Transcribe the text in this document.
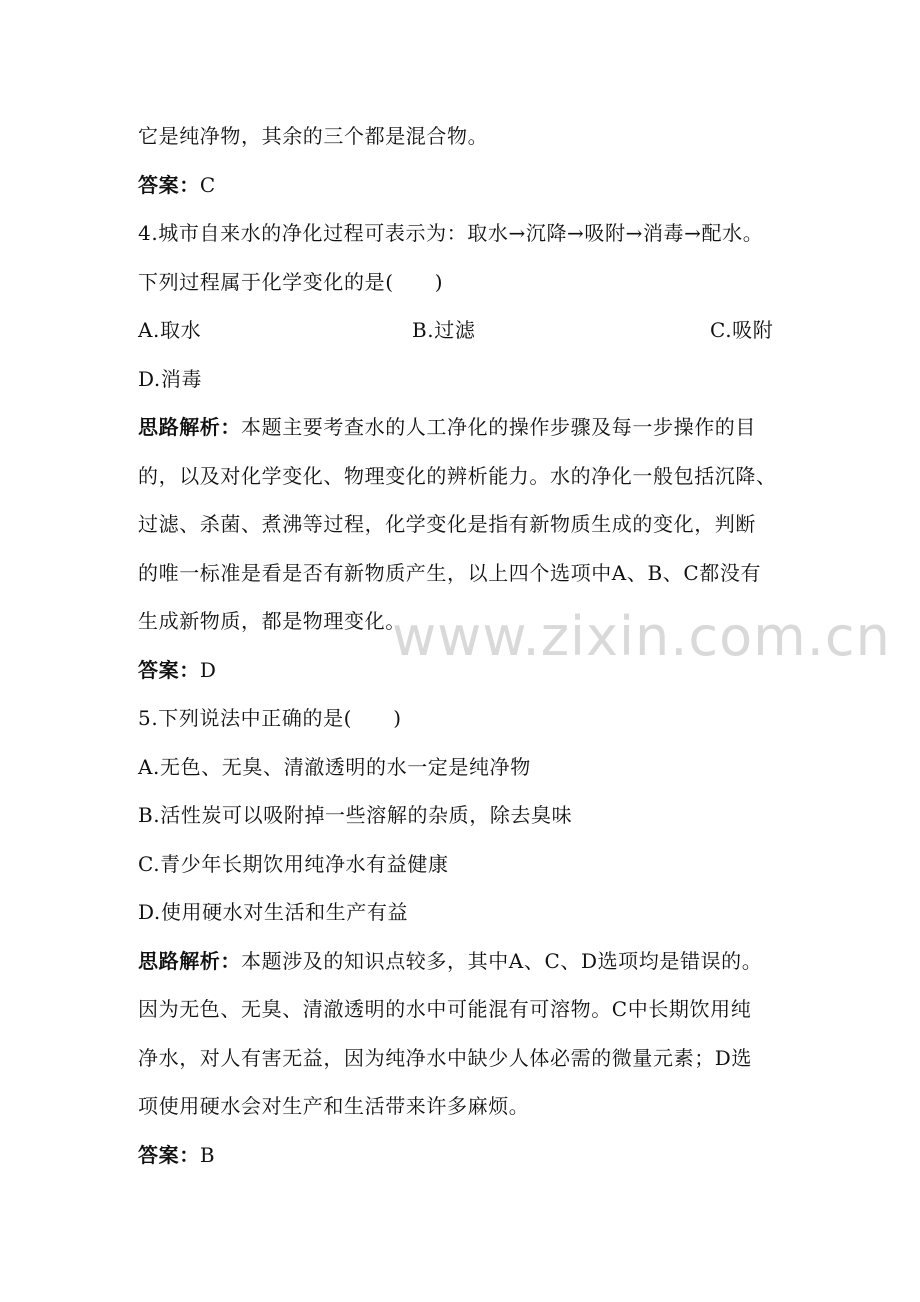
它是纯净物，其余的三个都是混合物。
答案：C
4.城市自来水的净化过程可表示为：取水→沉降→吸附→消毒→配水。
下列过程属于化学变化的是(　　)
A.取水	B.过滤	C.吸附
D.消毒
思路解析：本题主要考查水的人工净化的操作步骤及每一步操作的目
的，以及对化学变化、物理变化的辨析能力。水的净化一般包括沉降、
过滤、杀菌、煮沸等过程，化学变化是指有新物质生成的变化，判断
的唯一标准是看是否有新物质产生，以上四个选项中A、B、C都没有
生成新物质，都是物理变化。
答案：D
5.下列说法中正确的是(　　)
A.无色、无臭、清澈透明的水一定是纯净物
B.活性炭可以吸附掉一些溶解的杂质，除去臭味
C.青少年长期饮用纯净水有益健康
D.使用硬水对生活和生产有益
思路解析：本题涉及的知识点较多，其中A、C、D选项均是错误的。
因为无色、无臭、清澈透明的水中可能混有可溶物。C中长期饮用纯
净水，对人有害无益，因为纯净水中缺少人体必需的微量元素；D选
项使用硬水会对生产和生活带来许多麻烦。
答案：B
www.zixin.com.cn
